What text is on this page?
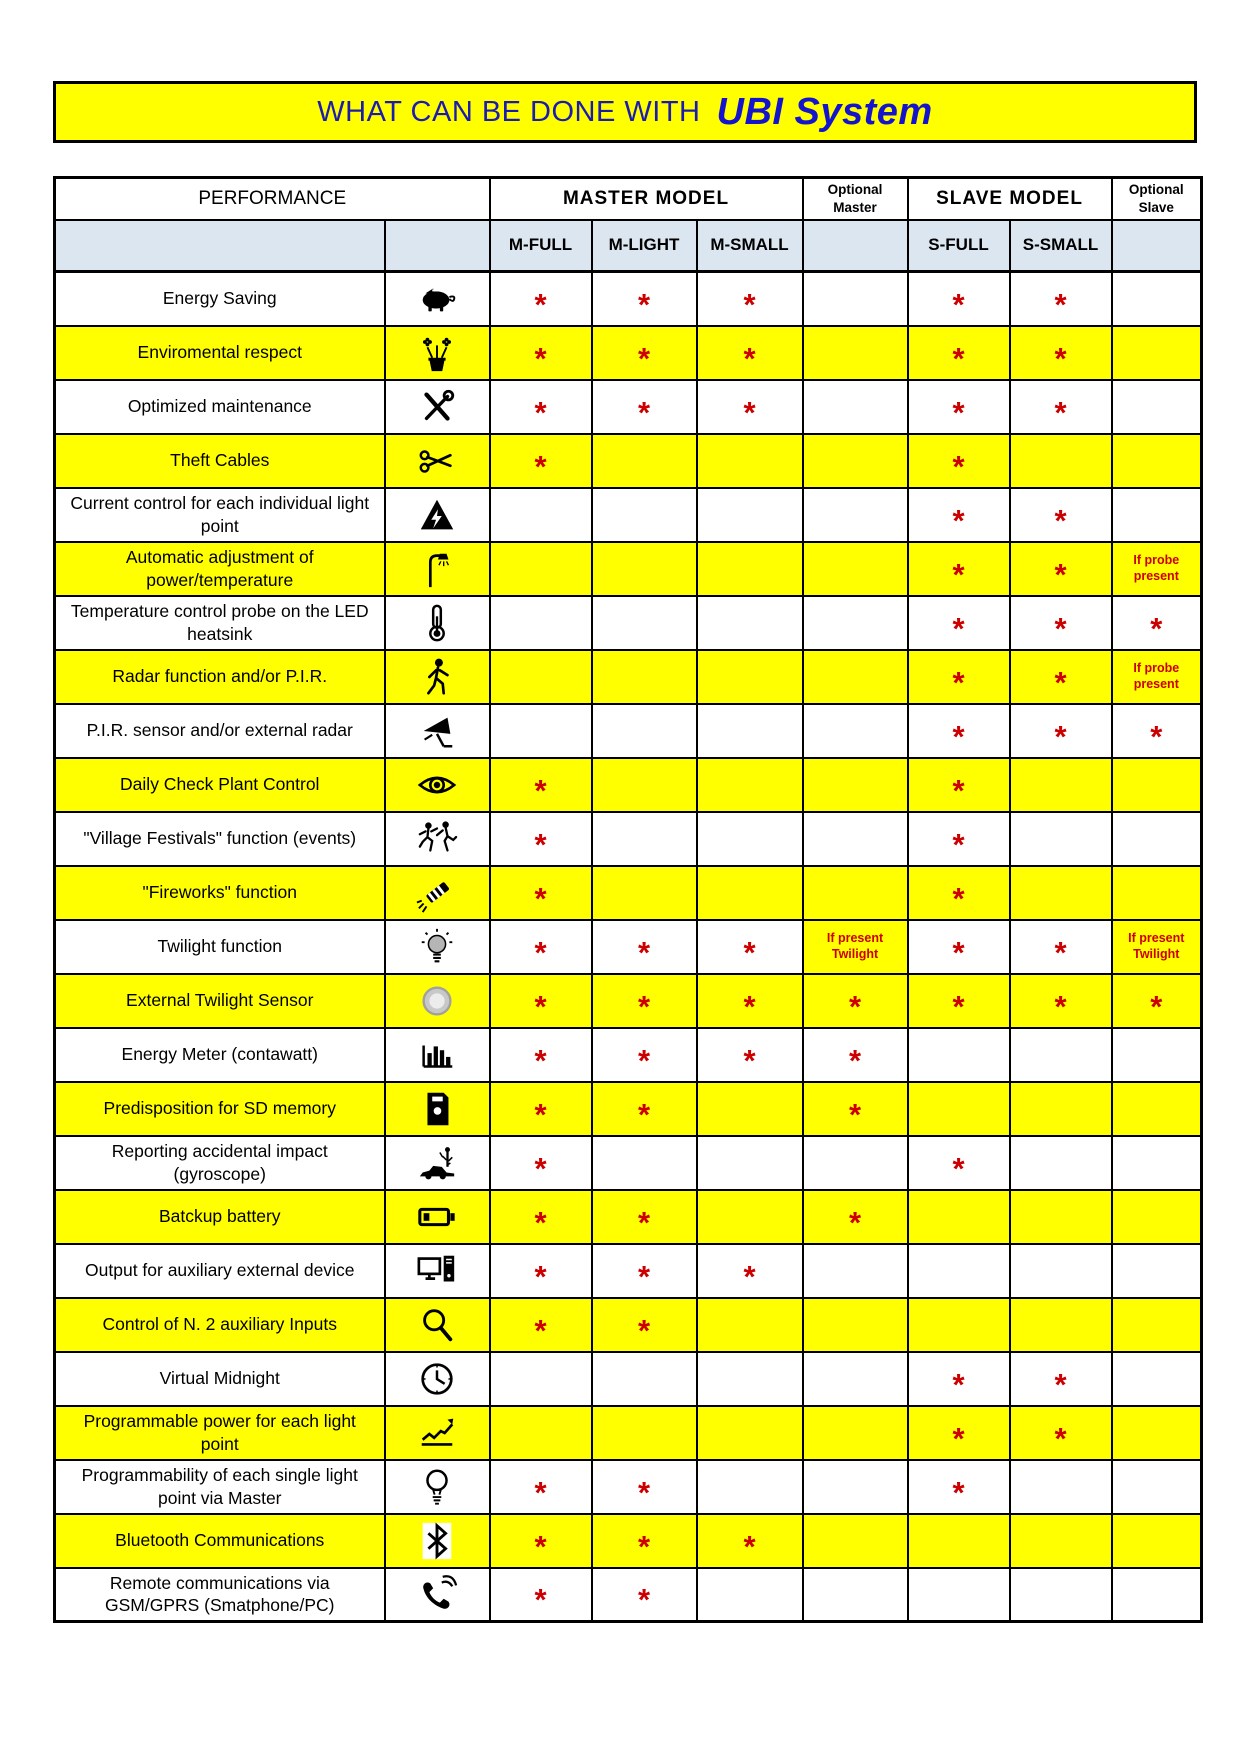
WHAT CAN BE DONE WITH UBI System
PERFORMANCE		MASTER MODEL			Optional Master	SLAVE MODEL		Optional Slave
		M-FULL	M-LIGHT	M-SMALL		S-FULL	S-SMALL	
Energy Saving		*	*	*		*	*	
Enviromental respect		*	*	*		*	*	
Optimized maintenance		*	*	*		*	*	
Theft Cables		*				*		
Current control for each individual light point						*	*	
Automatic adjustment of power/temperature						*	*	If probe present
Temperature control probe on the LED heatsink						*	*	*
Radar function and/or P.I.R.						*	*	If probe present
P.I.R. sensor and/or external radar						*	*	*
Daily Check Plant Control		*				*		
"Village Festivals" function (events)		*				*		
"Fireworks" function		*				*		
Twilight function		*	*	*	If present Twilight	*	*	If present Twilight
External Twilight Sensor		*	*	*	*	*	*	*
Energy Meter (contawatt)		*	*	*	*			
Predisposition for SD memory		*	*		*			
Reporting accidental impact (gyroscope)		*				*		
Batckup battery		*	*		*			
Output for auxiliary external device		*	*	*				
Control of N. 2 auxiliary Inputs		*	*					
Virtual Midnight						*	*	
Programmable power for each light point						*	*	
Programmability of each single light point via Master		*	*			*		
Bluetooth Communications		*	*	*				
Remote communications via GSM/GPRS (Smatphone/PC)		*	*					
